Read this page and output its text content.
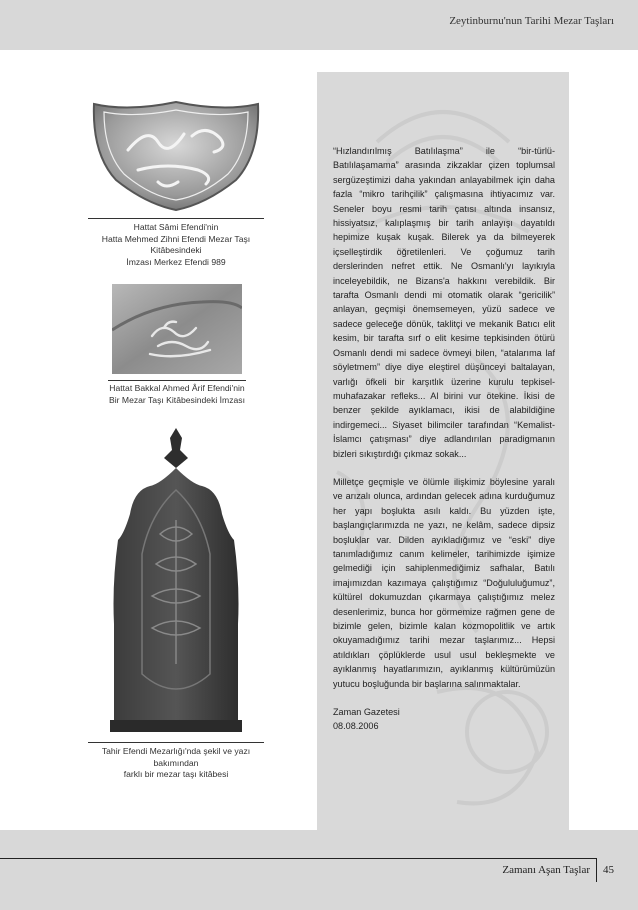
Zeytinburnu'nun Tarihi Mezar Taşları
Hattat Sâmi Efendi'nin
Hatta Mehmed Zihni Efendi Mezar Taşı Kitâbesindeki
İmzası Merkez Efendi 989
Hattat Bakkal Ahmed Ârif Efendi'nin
Bir Mezar Taşı Kitâbesindeki İmzası
Tahir Efendi Mezarlığı'nda şekil ve yazı bakımından
farklı bir mezar taşı kitâbesi

“Hızlandırılmış Batılılaşma” ile “bir-türlü-Batılılaşamama” arasında zikzaklar çizen toplumsal sergüzeştimizi daha yakından anlayabilmek için daha fazla “mikro tarihçilik” çalışmasına ihtiyacımız var. Seneler boyu resmi tarih çatısı altında insansız, hissiyatsız, kalıplaşmış bir tarih anlayışı dayatıldı hepimize kuşak kuşak. Bilerek ya da bilmeyerek içselleştirdik öğretilenleri. Ve çoğumuz tarih derslerinden nefret ettik. Ne Osmanlı'yı layıkıyla inceleyebildik, ne Bizans'a hakkını verebildik. Bir tarafta Osmanlı dendi mi otomatik olarak “gericilik” anlayan, geçmişi önemsemeyen, yüzü sadece ve sadece geleceğe dönük, taklitçi ve mekanik Batıcı elit kesim, bir tarafta sırf o elit kesime tepkisinden ötürü Osmanlı dendi mi sadece övmeyi bilen, “atalarıma laf söyletmem” diye diye eleştirel düşünceyi baltalayan, varlığı öfkeli bir karşıtlık üzerine kurulu tepkisel-muhafazakar refleks... Al birini vur ötekine. İkisi de benzer şekilde ayıklamacı, ikisi de alabildiğine indirgemeci... Siyaset bilimciler tarafından “Kemalist-İslamcı çatışması” diye adlandırılan paradigmanın bizleri sıkıştırdığı çıkmaz sokak...

Milletçe geçmişle ve ölümle ilişkimiz böylesine yaralı ve arızalı olunca, ardından gelecek adına kurduğumuz her yapı boşlukta asılı kaldı. Bu yüzden işte, başlangıçlarımızda ne yazı, ne kelâm, sadece dipsiz boşluklar var. Dilden ayıkladığımız ve “eski” diye tanımladığımız canım kelimeler, tarihimizde işimize gelmediği için sahiplenmediğimiz safhalar, Batılı imajımızdan kazımaya çalıştığımız “Doğululuğumuz”, kültürel dokumuzdan çıkarmaya çalıştığımız melez desenlerimiz, bunca hor görmemize rağmen gene de bizimle gelen, bizimle kalan kozmopolitlik ve artık okuyamadığımız tarihi mezar taşlarımız... Hepsi atıldıkları çöplüklerde usul usul bekleşmekte ve ayıklanmış hayatlarımızın, ayıklanmış kültürümüzün yutucu boşluğunda bir başlarına salınmaktalar.

Zaman Gazetesi
08.08.2006
Zamanı Aşan Taşlar 45
